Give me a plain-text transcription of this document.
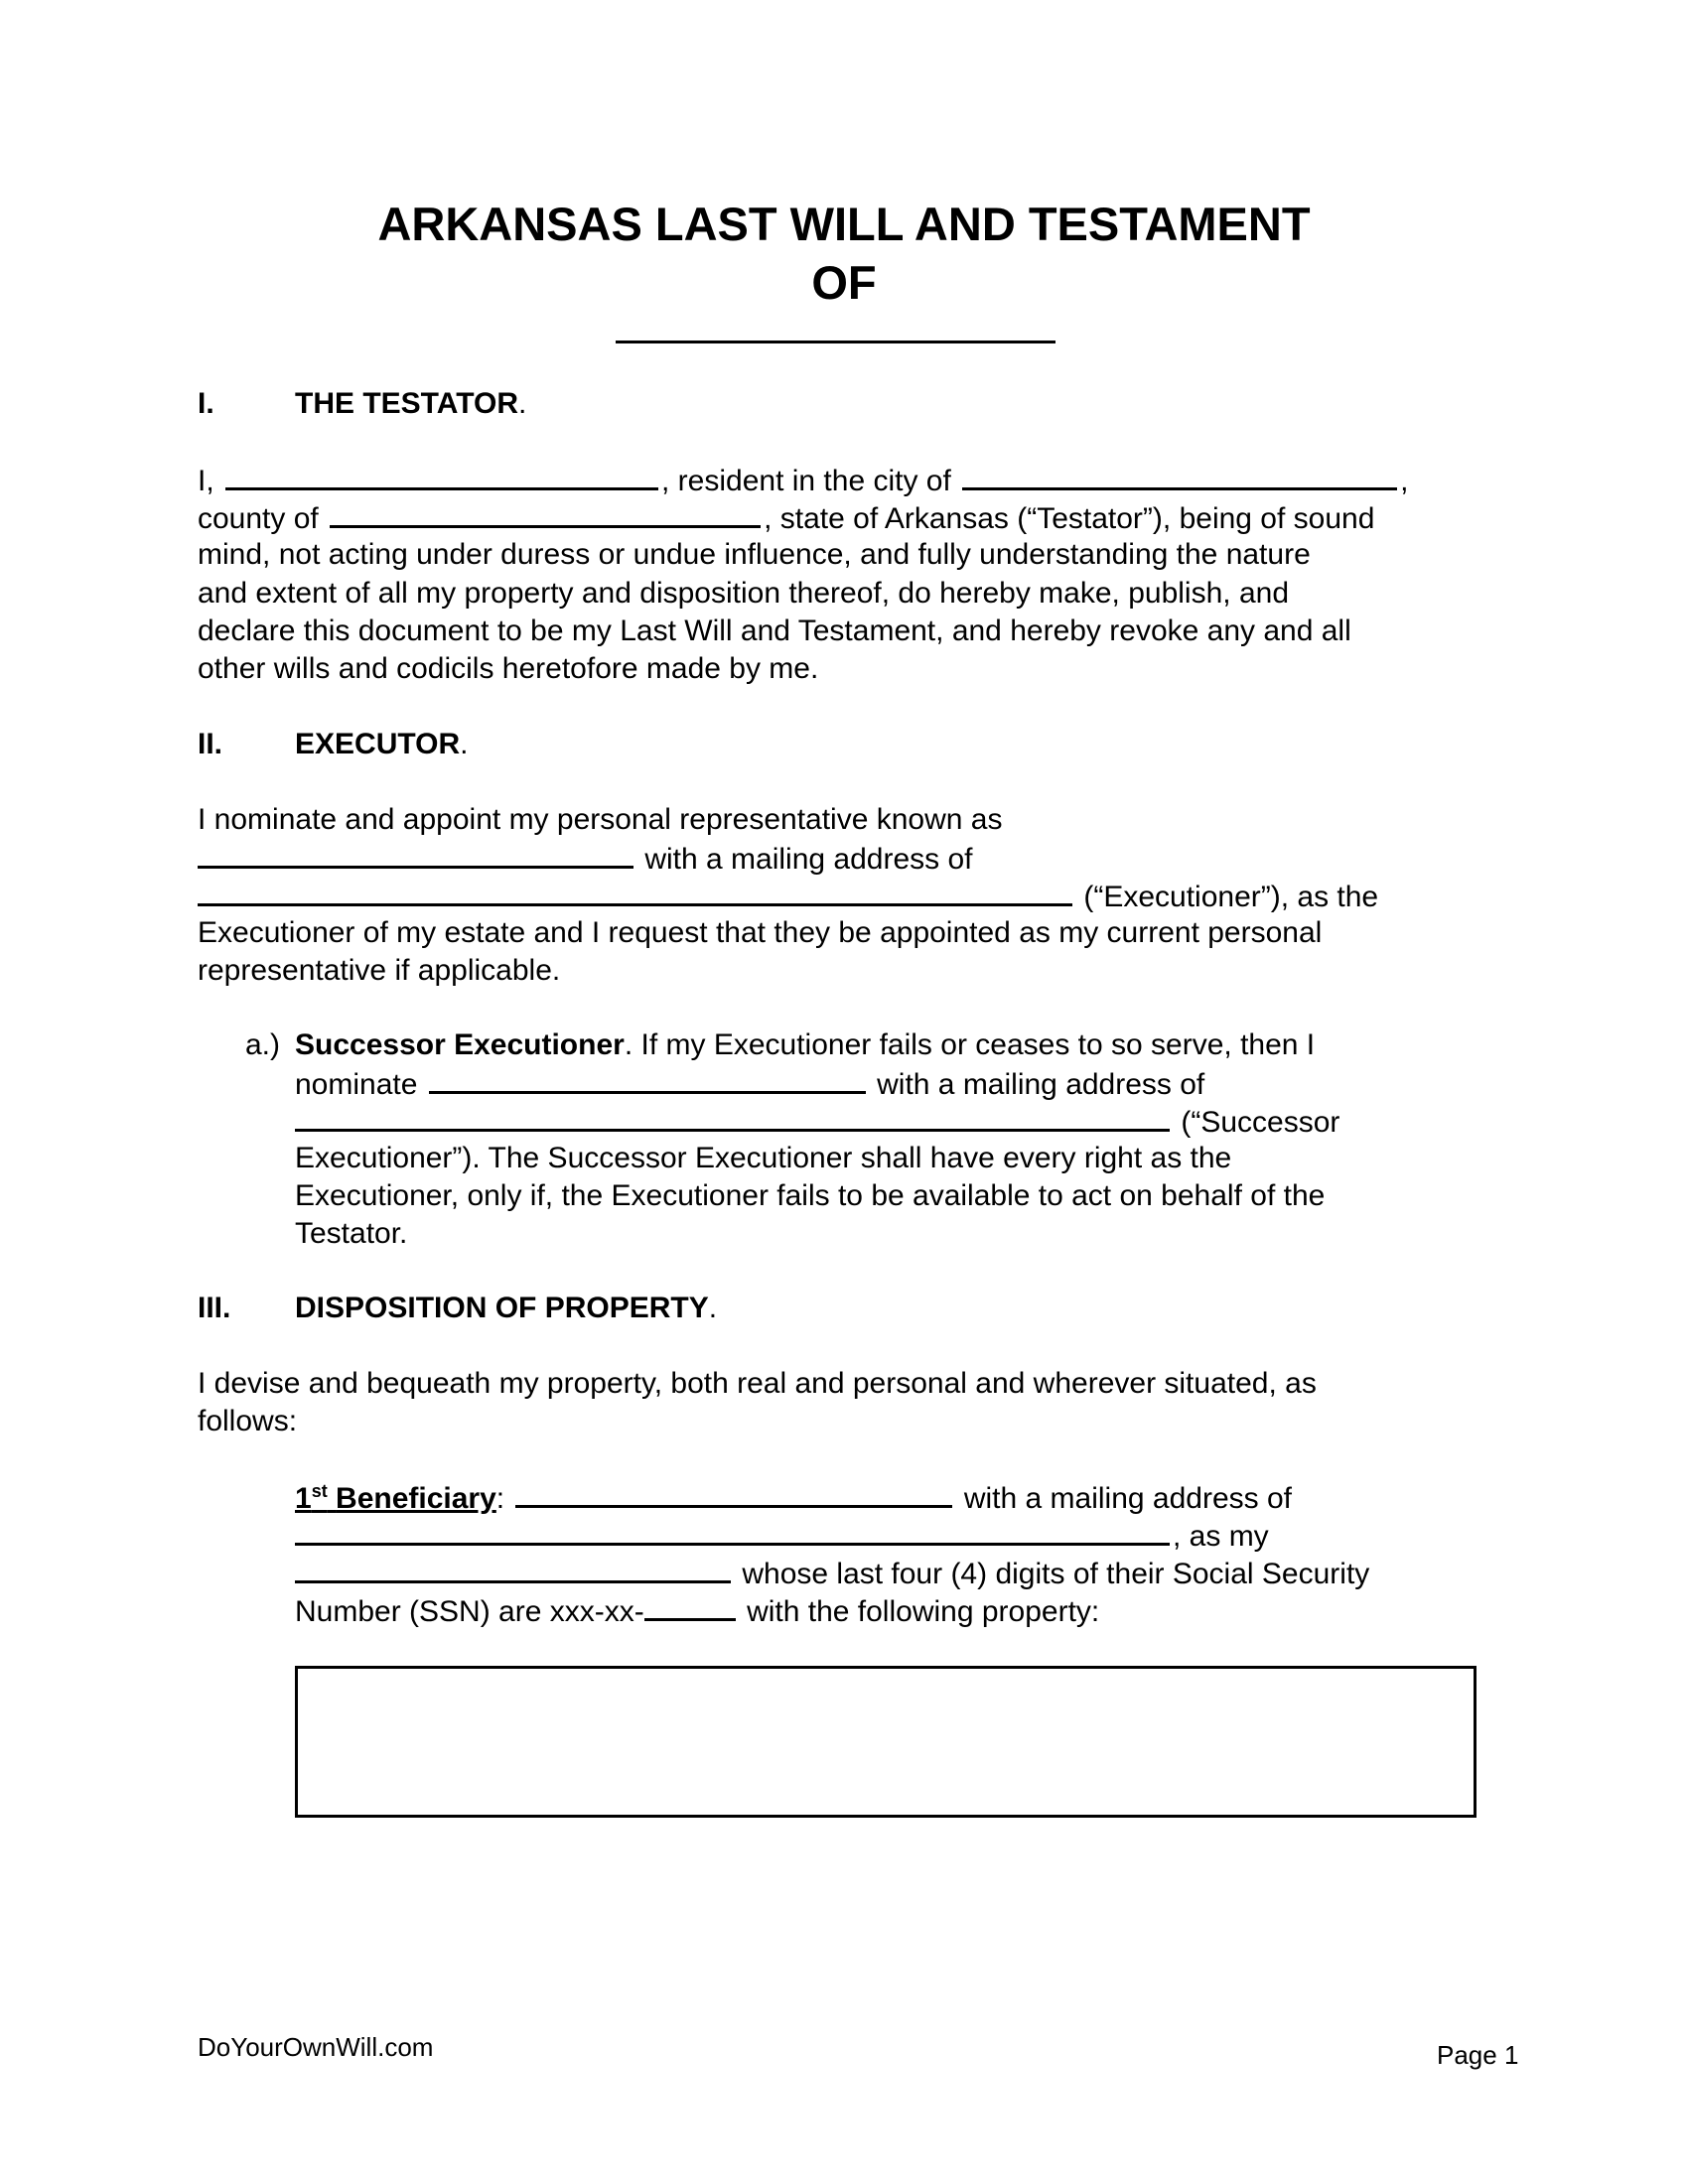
ARKANSAS LAST WILL AND TESTAMENT
OF
I.	THE TESTATOR.
I,	, resident in the city of	,
county of	, state of Arkansas (“Testator”), being of sound
mind, not acting under duress or undue influence, and fully understanding the nature
and extent of all my property and disposition thereof, do hereby make, publish, and
declare this document to be my Last Will and Testament, and hereby revoke any and all
other wills and codicils heretofore made by me.
II. EXECUTOR.
I nominate and appoint my personal representative known as
with a mailing address of
(“Executioner”), as the
Executioner of my estate and I request that they be appointed as my current personal
representative if applicable.
a.) Successor Executioner. If my Executioner fails or ceases to so serve, then I
nominate	with a mailing address of
(“Successor
Executioner”). The Successor Executioner shall have every right as the
Executioner, only if, the Executioner fails to be available to act on behalf of the
Testator.
III. DISPOSITION OF PROPERTY.
I devise and bequeath my property, both real and personal and wherever situated, as
follows:
1st Beneficiary:	with a mailing address of
, as my
whose last four (4) digits of their Social Security
Number (SSN) are xxx-xx-	with the following property:
DoYourOwnWill.com	Page 1
